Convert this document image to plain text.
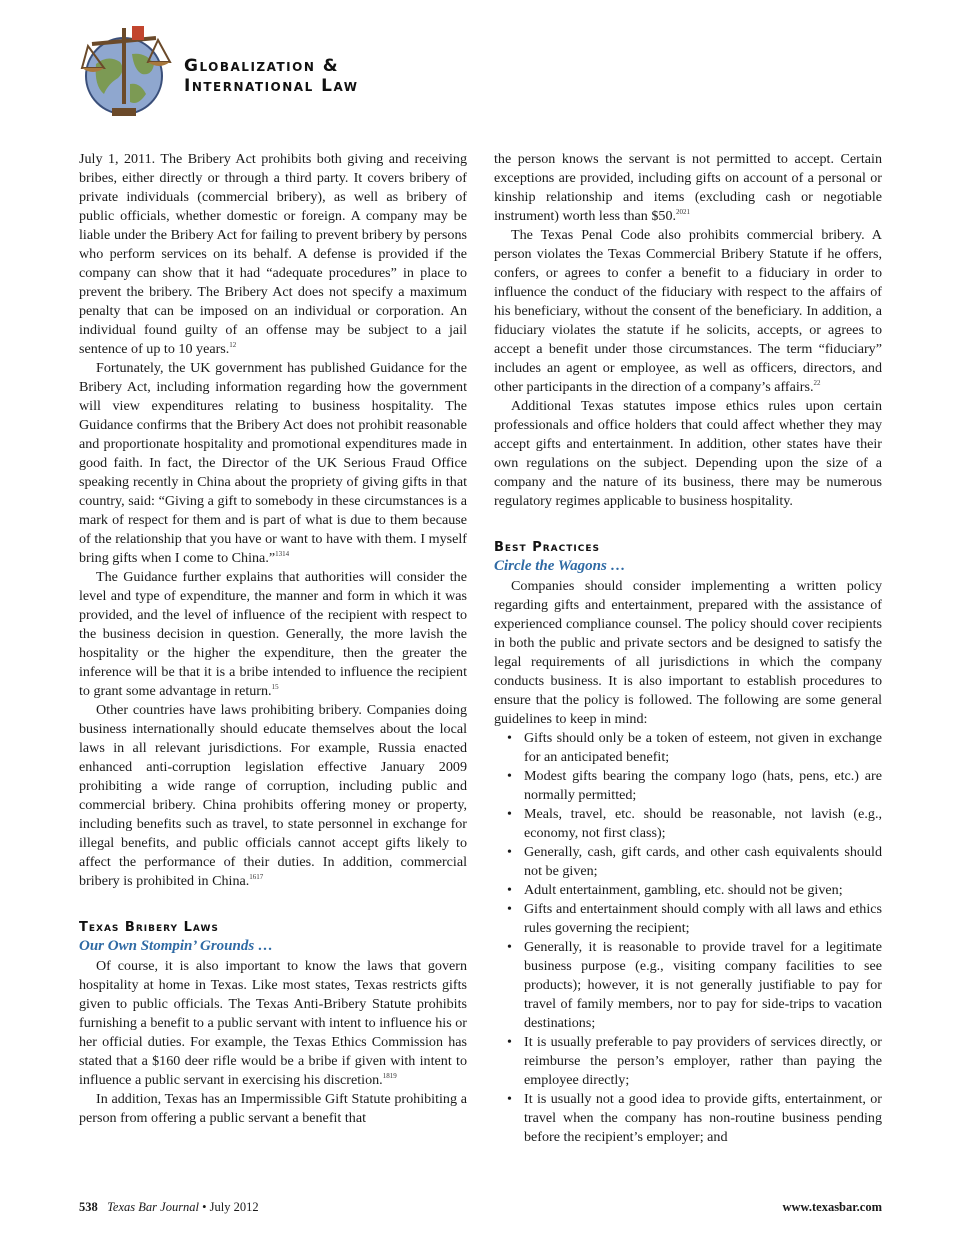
Globalization &
International Law

July 1, 2011. The Bribery Act prohibits both giving and receiving bribes, either directly or through a third party. It covers bribery of private individuals (commercial bribery), as well as bribery of public officials, whether domestic or foreign. A company may be liable under the Bribery Act for failing to prevent bribery by persons who perform services on its behalf. A defense is provided if the company can show that it had “adequate procedures” in place to prevent the bribery. The Bribery Act does not specify a maximum penalty that can be imposed on an individual or corporation. An individual found guilty of an offense may be subject to a jail sentence of up to 10 years.$^{12}$

Fortunately, the UK government has published Guidance for the Bribery Act, including information regarding how the government will view expenditures relating to business hospitality. The Guidance confirms that the Bribery Act does not prohibit reasonable and proportionate hospitality and promotional expenditures made in good faith. In fact, the Director of the UK Serious Fraud Office speaking recently in China about the propriety of giving gifts in that country, said: “Giving a gift to somebody in these circumstances is a mark of respect for them and is part of what is due to them because of the relationship that you have or want to have with them. I myself bring gifts when I come to China.”$^{1314}$

The Guidance further explains that authorities will consider the level and type of expenditure, the manner and form in which it was provided, and the level of influence of the recipient with respect to the business decision in question. Generally, the more lavish the hospitality or the higher the expenditure, then the greater the inference will be that it is a bribe intended to influence the recipient to grant some advantage in return.$^{15}$

Other countries have laws prohibiting bribery. Companies doing business internationally should educate themselves about the local laws in all relevant jurisdictions. For example, Russia enacted enhanced anti-corruption legislation effective January 2009 prohibiting a wide range of corruption, including public and commercial bribery. China prohibits offering money or property, including benefits such as travel, to state personnel in exchange for illegal benefits, and public officials cannot accept gifts likely to affect the performance of their duties. In addition, commercial bribery is prohibited in China.$^{1617}$

Texas Bribery Laws
Our Own Stompin’ Grounds …

Of course, it is also important to know the laws that govern hospitality at home in Texas. Like most states, Texas restricts gifts given to public officials. The Texas Anti-Bribery Statute prohibits furnishing a benefit to a public servant with intent to influence his or her official duties. For example, the Texas Ethics Commission has stated that a $160 deer rifle would be a bribe if given with intent to influence a public servant in exercising his discretion.$^{1819}$

In addition, Texas has an Impermissible Gift Statute prohibiting a person from offering a public servant a benefit that

the person knows the servant is not permitted to accept. Certain exceptions are provided, including gifts on account of a personal or kinship relationship and items (excluding cash or negotiable instrument) worth less than $50.$^{2021}$

The Texas Penal Code also prohibits commercial bribery. A person violates the Texas Commercial Bribery Statute if he offers, confers, or agrees to confer a benefit to a fiduciary in order to influence the conduct of the fiduciary with respect to the affairs of his beneficiary, without the consent of the beneficiary. In addition, a fiduciary violates the statute if he solicits, accepts, or agrees to accept a benefit under those circumstances. The term “fiduciary” includes an agent or employee, as well as officers, directors, and other participants in the direction of a company’s affairs.$^{22}$

Additional Texas statutes impose ethics rules upon certain professionals and office holders that could affect whether they may accept gifts and entertainment. In addition, other states have their own regulations on the subject. Depending upon the size of a company and the nature of its business, there may be numerous regulatory regimes applicable to business hospitality.

Best Practices
Circle the Wagons …

Companies should consider implementing a written policy regarding gifts and entertainment, prepared with the assistance of experienced compliance counsel. The policy should cover recipients in both the public and private sectors and be designed to satisfy the legal requirements of all jurisdictions in which the company conducts business. It is also important to establish procedures to ensure that the policy is followed. The following are some general guidelines to keep in mind:

• Gifts should only be a token of esteem, not given in exchange for an anticipated benefit;
• Modest gifts bearing the company logo (hats, pens, etc.) are normally permitted;
• Meals, travel, etc. should be reasonable, not lavish (e.g., economy, not first class);
• Generally, cash, gift cards, and other cash equivalents should not be given;
• Adult entertainment, gambling, etc. should not be given;
• Gifts and entertainment should comply with all laws and ethics rules governing the recipient;
• Generally, it is reasonable to provide travel for a legitimate business purpose (e.g., visiting company facilities to see products); however, it is not generally justifiable to pay for travel of family members, nor to pay for side-trips to vacation destinations;
• It is usually preferable to pay providers of services directly, or reimburse the person’s employer, rather than paying the employee directly;
• It is usually not a good idea to provide gifts, entertainment, or travel when the company has non-routine business pending before the recipient’s employer; and
538 Texas Bar Journal • July 2012	www.texasbar.com
